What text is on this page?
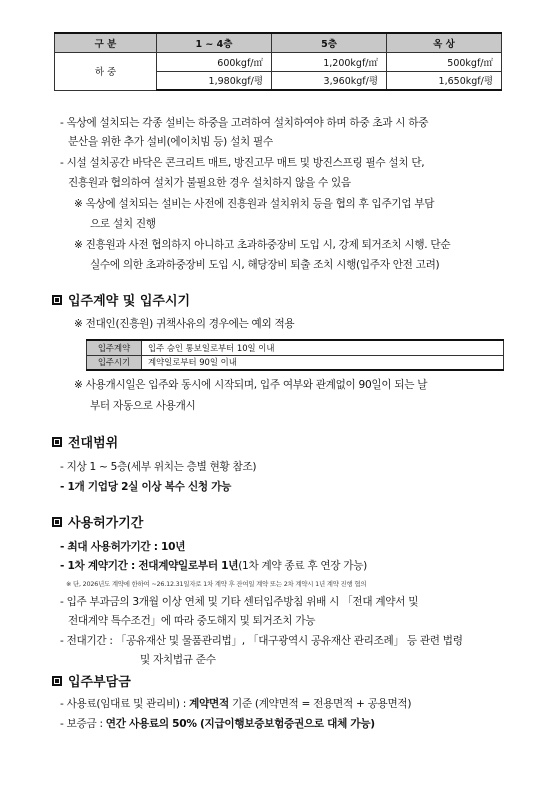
구 분	1 ~ 4층	5층	옥 상
하 중	600kgf/㎡	1,200kgf/㎡	500kgf/㎡
	1,980kgf/평	3,960kgf/평	1,650kgf/평
- 옥상에 설치되는 각종 설비는 하중을 고려하여 설치하여야 하며 하중 초과 시 하중
분산을 위한 추가 설비(에이치빔 등) 설치 필수
- 시설 설치공간 바닥은 콘크리트 매트, 방진고무 매트 및 방진스프링 필수 설치 단,
진흥원과 협의하여 설치가 불필요한 경우 설치하지 않을 수 있음
※ 옥상에 설치되는 설비는 사전에 진흥원과 설치위치 등을 협의 후 입주기업 부담
으로 설치 진행
※ 진흥원과 사전 협의하지 아니하고 초과하중장비 도입 시, 강제 퇴거조치 시행. 단순
실수에 의한 초과하중장비 도입 시, 해당장비 퇴출 조치 시행(입주자 안전 고려)
입주계약 및 입주시기
※ 전대인(진흥원) 귀책사유의 경우에는 예외 적용
입주계약	입주 승인 통보일로부터 10일 이내
입주시기	계약일로부터 90일 이내
※ 사용개시일은 입주와 동시에 시작되며, 입주 여부와 관계없이 90일이 되는 날
부터 자동으로 사용개시
전대범위
- 지상 1 ~ 5층(세부 위치는 층별 현황 참조)
- 1개 기업당 2실 이상 복수 신청 가능
사용허가기간
- 최대 사용허가기간 : 10년
- 1차 계약기간 : 전대계약일로부터 1년(1차 계약 종료 후 연장 가능)
※ 단, 2026년도 계약에 한하여 ~26.12.31일자로 1차 계약 후 잔여일 계약 또는 2차 계약시 1년 계약 진행 협의
- 입주 부과금의 3개월 이상 연체 및 기타 센터입주방침 위배 시 「전대 계약서 및
전대계약 특수조건」에 따라 중도해지 및 퇴거조치 가능
- 전대기간 : 「공유재산 및 물품관리법」, 「대구광역시 공유재산 관리조례」 등 관련 법령
및 자치법규 준수
입주부담금
- 사용료(임대료 및 관리비) : 계약면적 기준 (계약면적 = 전용면적 + 공용면적)
- 보증금 : 연간 사용료의 50% (지급이행보증보험증권으로 대체 가능)
